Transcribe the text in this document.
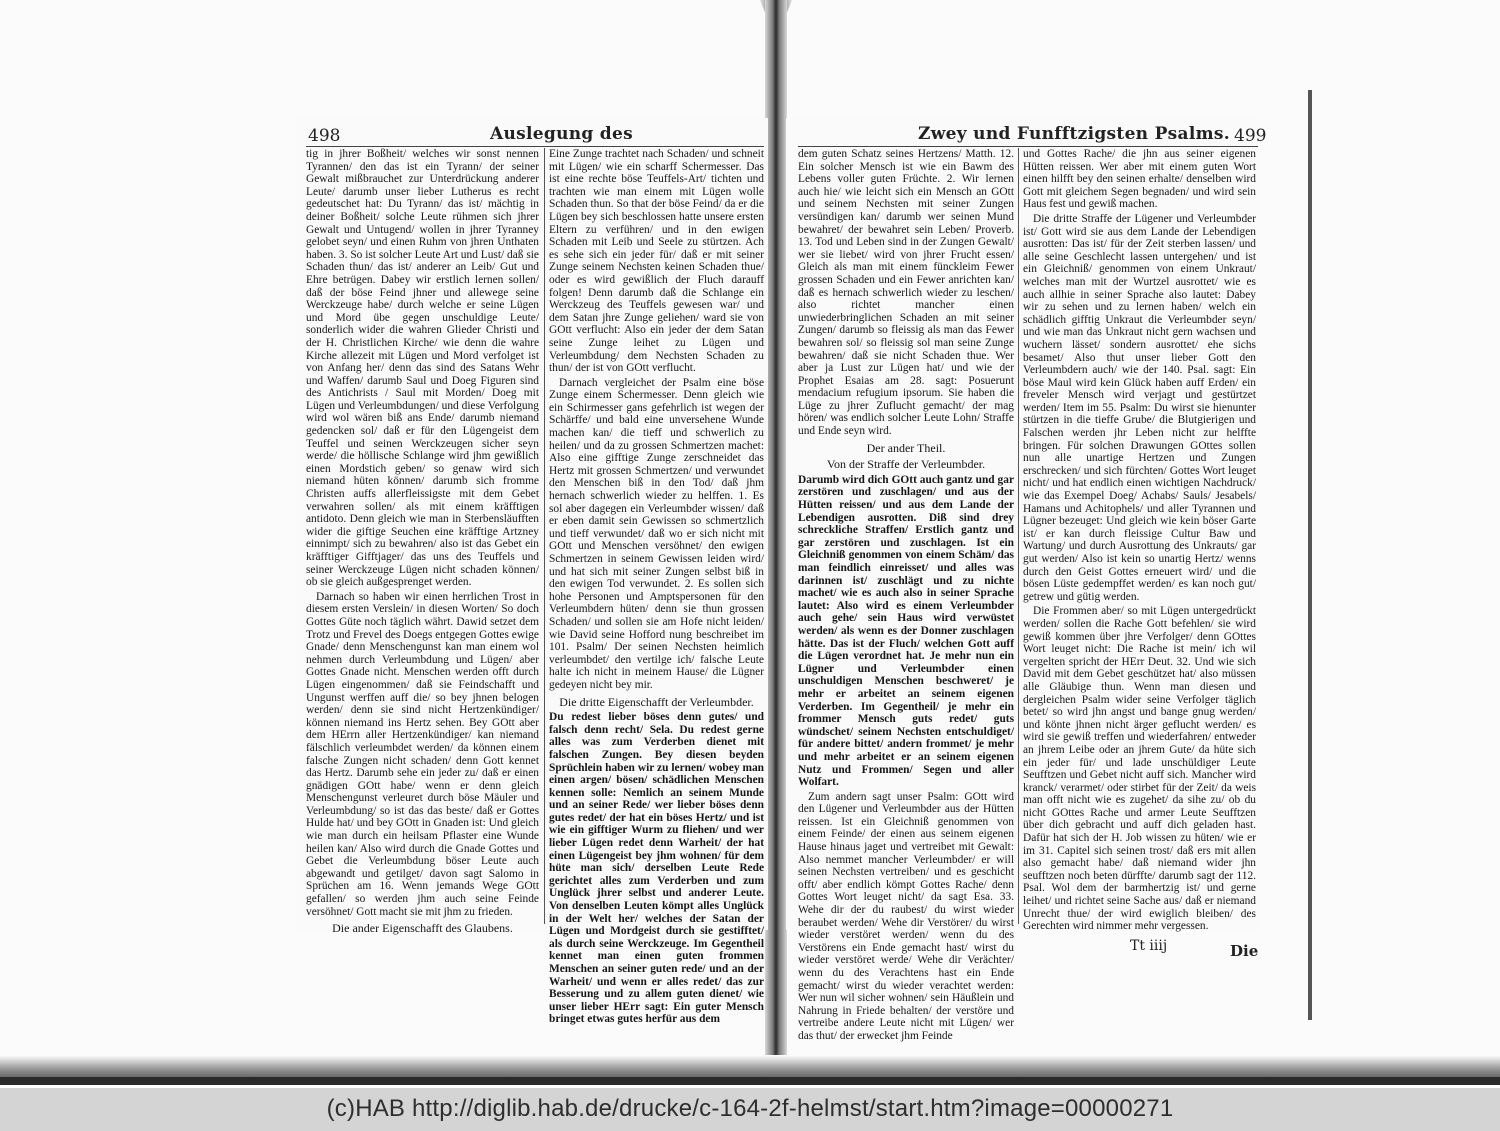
498	Auslegung des

tig in jhrer Boßheit/ welches wir sonst nennen Tyrannen/ den das ist ein Tyrann/ der seiner Gewalt mißbrauchet zur Unterdrückung anderer Leute/ darumb unser lieber Lutherus es recht gedeutschet hat: Du Tyrann/ das ist/ mächtig in deiner Boßheit/ solche Leute rühmen sich jhrer Gewalt und Untugend/ wollen in jhrer Tyranney gelobet seyn/ und einen Ruhm von jhren Unthaten haben. 3. So ist solcher Leute Art und Lust/ daß sie Schaden thun/ das ist/ anderer an Leib/ Gut und Ehre betrügen. Dabey wir erstlich lernen sollen/ daß der böse Feind jhner und allewege seine Werckzeuge habe/ durch welche er seine Lügen und Mord übe gegen unschuldige Leute/ sonderlich wider die wahren Glieder Christi und der H. Christlichen Kirche/ wie denn die wahre Kirche allezeit mit Lügen und Mord verfolget ist von Anfang her/ denn das sind des Satans Wehr und Waffen/ darumb Saul und Doeg Figuren sind des Antichrists / Saul mit Morden/ Doeg mit Lügen und Verleumbdungen/ und diese Verfolgung wird wol wären biß ans Ende/ darumb niemand gedencken sol/ daß er für den Lügengeist dem Teuffel und seinen Werckzeugen sicher seyn werde/ die höllische Schlange wird jhm gewißlich einen Mordstich geben/ so genaw wird sich niemand hüten können/ darumb sich fromme Christen auffs allerfleissigste mit dem Gebet verwahren sollen/ als mit einem kräfftigen antidoto. Denn gleich wie man in Sterbensläufften wider die giftige Seuchen eine kräfftige Artzney einnimpt/ sich zu bewahren/ also ist das Gebet ein kräfftiger Gifftjager/ das uns des Teuffels und seiner Werckzeuge Lügen nicht schaden können/ ob sie gleich außgesprenget werden.

Darnach so haben wir einen herrlichen Trost in diesem ersten Verslein/ in diesen Worten/ So doch Gottes Güte noch täglich währt. Dawid setzet dem Trotz und Frevel des Doegs entgegen Gottes ewige Gnade/ denn Menschengunst kan man einem wol nehmen durch Verleumbdung und Lügen/ aber Gottes Gnade nicht. Menschen werden offt durch Lügen eingenommen/ daß sie Feindschafft und Ungunst werffen auff die/ so bey jhnen belogen werden/ denn sie sind nicht Hertzenkündiger/ können niemand ins Hertz sehen. Bey GOtt aber dem HErrn aller Hertzenkündiger/ kan niemand fälschlich verleumbdet werden/ da können einem falsche Zungen nicht schaden/ denn Gott kennet das Hertz. Darumb sehe ein jeder zu/ daß er einen gnädigen GOtt habe/ wenn er denn gleich Menschengunst verleuret durch böse Mäuler und Verleumbdung/ so ist das das beste/ daß er Gottes Hulde hat/ und bey GOtt in Gnaden ist: Und gleich wie man durch ein heilsam Pflaster eine Wunde heilen kan/ Also wird durch die Gnade Gottes und Gebet die Verleumbdung böser Leute auch abgewandt und getilget/ davon sagt Salomo in Sprüchen am 16. Wenn jemands Wege GOtt gefallen/ so werden jhm auch seine Feinde versöhnet/ Gott macht sie mit jhm zu frieden.

Die ander Eigenschafft des Glaubens.

Eine Zunge trachtet nach Schaden/ und schneit mit Lügen/ wie ein scharff Schermesser. Das ist eine rechte böse Teuffels-Art/ tichten und trachten wie man einem mit Lügen wolle Schaden thun. So that der böse Feind/ da er die Lügen bey sich beschlossen hatte unsere ersten Eltern zu verführen/ und in den ewigen Schaden mit Leib und Seele zu stürtzen. Ach es sehe sich ein jeder für/ daß er mit seiner Zunge seinem Nechsten keinen Schaden thue/ oder es wird gewißlich der Fluch darauff folgen! Denn darumb daß die Schlange ein Werckzeug des Teuffels gewesen war/ und dem Satan jhre Zunge geliehen/ ward sie von GOtt verflucht: Also ein jeder der dem Satan seine Zunge leihet zu Lügen und Verleumbdung/ dem Nechsten Schaden zu thun/ der ist von GOtt verflucht.

Darnach vergleichet der Psalm eine böse Zunge einem Schermesser. Denn gleich wie ein Schirmesser gans gefehrlich ist wegen der Schärffe/ und bald eine unversehene Wunde machen kan/ die tieff und schwerlich zu heilen/ und da zu grossen Schmertzen machet: Also eine gifftige Zunge zerschneidet das Hertz mit grossen Schmertzen/ und verwundet den Menschen biß in den Tod/ daß jhm hernach schwerlich wieder zu helffen. 1. Es sol aber dagegen ein Verleumbder wissen/ daß er eben damit sein Gewissen so schmertzlich und tieff verwundet/ daß wo er sich nicht mit GOtt und Menschen versöhnet/ den ewigen Schmertzen in seinem Gewissen leiden wird/ und hat sich mit seiner Zungen selbst biß in den ewigen Tod verwundet. 2. Es sollen sich hohe Personen und Amptspersonen für den Verleumbdern hüten/ denn sie thun grossen Schaden/ und sollen sie am Hofe nicht leiden/ wie David seine Hofford nung beschreibet im 101. Psalm/ Der seinen Nechsten heimlich verleumbdet/ den vertilge ich/ falsche Leute halte ich nicht in meinem Hause/ die Lügner gedeyen nicht bey mir.

Die dritte Eigenschafft der Verleumbder.

Du redest lieber böses denn gutes/ und falsch denn recht/ Sela. Du redest gerne alles was zum Verderben dienet mit falschen Zungen. Bey diesen beyden Sprüchlein haben wir zu lernen/ wobey man einen argen/ bösen/ schädlichen Menschen kennen solle: Nemlich an seinem Munde und an seiner Rede/ wer lieber böses denn gutes redet/ der hat ein böses Hertz/ und ist wie ein gifftiger Wurm zu fliehen/ und wer lieber Lügen redet denn Warheit/ der hat einen Lügengeist bey jhm wohnen/ für dem hüte man sich/ derselben Leute Rede gerichtet alles zum Verderben und zum Unglück jhrer selbst und anderer Leute. Von denselben Leuten kömpt alles Unglück in der Welt her/ welches der Satan der Lügen und Mordgeist durch sie gestifftet/ als durch seine Werckzeuge. Im Gegentheil kennet man einen guten frommen Menschen an seiner guten rede/ und an der Warheit/ und wenn er alles redet/ das zur Besserung und zu allem guten dienet/ wie unser lieber HErr sagt: Ein guter Mensch bringet etwas gutes herfür aus dem

Zwey und Funfftzigsten Psalms. 499

dem guten Schatz seines Hertzens/ Matth. 12. Ein solcher Mensch ist wie ein Bawm des Lebens voller guten Früchte. 2. Wir lernen auch hie/ wie leicht sich ein Mensch an GOtt und seinem Nechsten mit seiner Zungen versündigen kan/ darumb wer seinen Mund bewahret/ der bewahret sein Leben/ Proverb. 13. Tod und Leben sind in der Zungen Gewalt/ wer sie liebet/ wird von jhrer Frucht essen/ Gleich als man mit einem fünckleim Fewer grossen Schaden und ein Fewer anrichten kan/ daß es hernach schwerlich wieder zu leschen/ also richtet mancher einen unwiederbringlichen Schaden an mit seiner Zungen/ darumb so fleissig als man das Fewer bewahren sol/ so fleissig sol man seine Zunge bewahren/ daß sie nicht Schaden thue. Wer aber ja Lust zur Lügen hat/ und wie der Prophet Esaias am 28. sagt: Posuerunt mendacium refugium ipsorum. Sie haben die Lüge zu jhrer Zuflucht gemacht/ der mag hören/ was endlich solcher Leute Lohn/ Straffe und Ende seyn wird.

Der ander Theil.
Von der Straffe der Verleumbder.

Darumb wird dich GOtt auch gantz und gar zerstören und zuschlagen/ und aus der Hütten reissen/ und aus dem Lande der Lebendigen ausrotten. Diß sind drey schreckliche Straffen/ Erstlich gantz und gar zerstören und zuschlagen. Ist ein Gleichniß genommen von einem Schäm/ das man feindlich einreisset/ und alles was darinnen ist/ zuschlägt und zu nichte machet/ wie es auch also in seiner Sprache lautet: Also wird es einem Verleumbder auch gehe/ sein Haus wird verwüstet werden/ als wenn es der Donner zuschlagen hätte. Das ist der Fluch/ welchen Gott auff die Lügen verordnet hat. Je mehr nun ein Lügner und Verleumbder einen unschuldigen Menschen beschweret/ je mehr er arbeitet an seinem eigenen Verderben. Im Gegentheil/ je mehr ein frommer Mensch guts redet/ guts wündschet/ seinem Nechsten entschuldiget/ für andere bittet/ andern frommet/ je mehr und mehr arbeitet er an seinem eigenen Nutz und Frommen/ Segen und aller Wolfart.

Zum andern sagt unser Psalm: GOtt wird den Lügener und Verleumbder aus der Hütten reissen. Ist ein Gleichniß genommen von einem Feinde/ der einen aus seinem eigenen Hause hinaus jaget und vertreibet mit Gewalt: Also nemmet mancher Verleumbder/ er will seinen Nechsten vertreiben/ und es geschicht offt/ aber endlich kömpt Gottes Rache/ denn Gottes Wort leuget nicht/ da sagt Esa. 33. Wehe dir der du raubest/ du wirst wieder beraubet werden/ Wehe dir Verstörer/ du wirst wieder verstöret werden/ wenn du des Verstörens ein Ende gemacht hast/ wirst du wieder verstöret werde/ Wehe dir Verächter/ wenn du des Verachtens hast ein Ende gemacht/ wirst du wieder verachtet werden: Wer nun wil sicher wohnen/ sein Häußlein und Nahrung in Friede behalten/ der verstöre und vertreibe andere Leute nicht mit Lügen/ wer das thut/ der erwecket jhm Feinde

und Gottes Rache/ die jhn aus seiner eigenen Hütten reissen. Wer aber mit einem guten Wort einen hilfft bey den seinen erhalte/ denselben wird Gott mit gleichem Segen begnaden/ und wird sein Haus fest und gewiß machen.

Die dritte Straffe der Lügener und Verleumbder ist/ Gott wird sie aus dem Lande der Lebendigen ausrotten: Das ist/ für der Zeit sterben lassen/ und alle seine Geschlecht lassen untergehen/ und ist ein Gleichniß/ genommen von einem Unkraut/ welches man mit der Wurtzel ausrottet/ wie es auch allhie in seiner Sprache also lautet: Dabey wir zu sehen und zu lernen haben/ welch ein schädlich gifftig Unkraut die Verleumbder seyn/ und wie man das Unkraut nicht gern wachsen und wuchern lässet/ sondern ausrottet/ ehe sichs besamet/ Also thut unser lieber Gott den Verleumbdern auch/ wie der 140. Psal. sagt: Ein böse Maul wird kein Glück haben auff Erden/ ein freveler Mensch wird verjagt und gestürtzet werden/ Item im 55. Psalm: Du wirst sie hienunter stürtzen in die tieffe Grube/ die Blutgierigen und Falschen werden jhr Leben nicht zur helffte bringen. Für solchen Drawungen GOttes sollen nun alle unartige Hertzen und Zungen erschrecken/ und sich fürchten/ Gottes Wort leuget nicht/ und hat endlich einen wichtigen Nachdruck/ wie das Exempel Doeg/ Achabs/ Sauls/ Jesabels/ Hamans und Achitophels/ und aller Tyrannen und Lügner bezeuget: Und gleich wie kein böser Garte ist/ er kan durch fleissige Cultur Baw und Wartung/ und durch Ausrottung des Unkrauts/ gar gut werden/ Also ist kein so unartig Hertz/ wenns durch den Geist Gottes erneuert wird/ und die bösen Lüste gedempffet werden/ es kan noch gut/ getrew und gütig werden.

Die Frommen aber/ so mit Lügen untergedrückt werden/ sollen die Rache Gott befehlen/ sie wird gewiß kommen über jhre Verfolger/ denn GOttes Wort leuget nicht: Die Rache ist mein/ ich wil vergelten spricht der HErr Deut. 32. Und wie sich David mit dem Gebet geschützet hat/ also müssen alle Gläubige thun. Wenn man diesen und dergleichen Psalm wider seine Verfolger täglich betet/ so wird jhn angst und bange gnug werden/ und könte jhnen nicht ärger geflucht werden/ es wird sie gewiß treffen und wiederfahren/ entweder an jhrem Leibe oder an jhrem Gute/ da hüte sich ein jeder für/ und lade unschüldiger Leute Seufftzen und Gebet nicht auff sich. Mancher wird kranck/ verarmet/ oder stirbet für der Zeit/ da weis man offt nicht wie es zugehet/ da sihe zu/ ob du nicht GOttes Rache und armer Leute Seufftzen über dich gebracht und auff dich geladen hast. Dafür hat sich der H. Job wissen zu hüten/ wie er im 31. Capitel sich seinen trost/ daß ers mit allen also gemacht habe/ daß niemand wider jhn seufftzen noch beten dürffte/ darumb sagt der 112. Psal. Wol dem der barmhertzig ist/ und gerne leihet/ und richtet seine Sache aus/ daß er niemand Unrecht thue/ der wird ewiglich bleiben/ des Gerechten wird nimmer mehr vergessen.

Tt iiij	Die
(c)HAB http://diglib.hab.de/drucke/c-164-2f-helmst/start.htm?image=00000271
